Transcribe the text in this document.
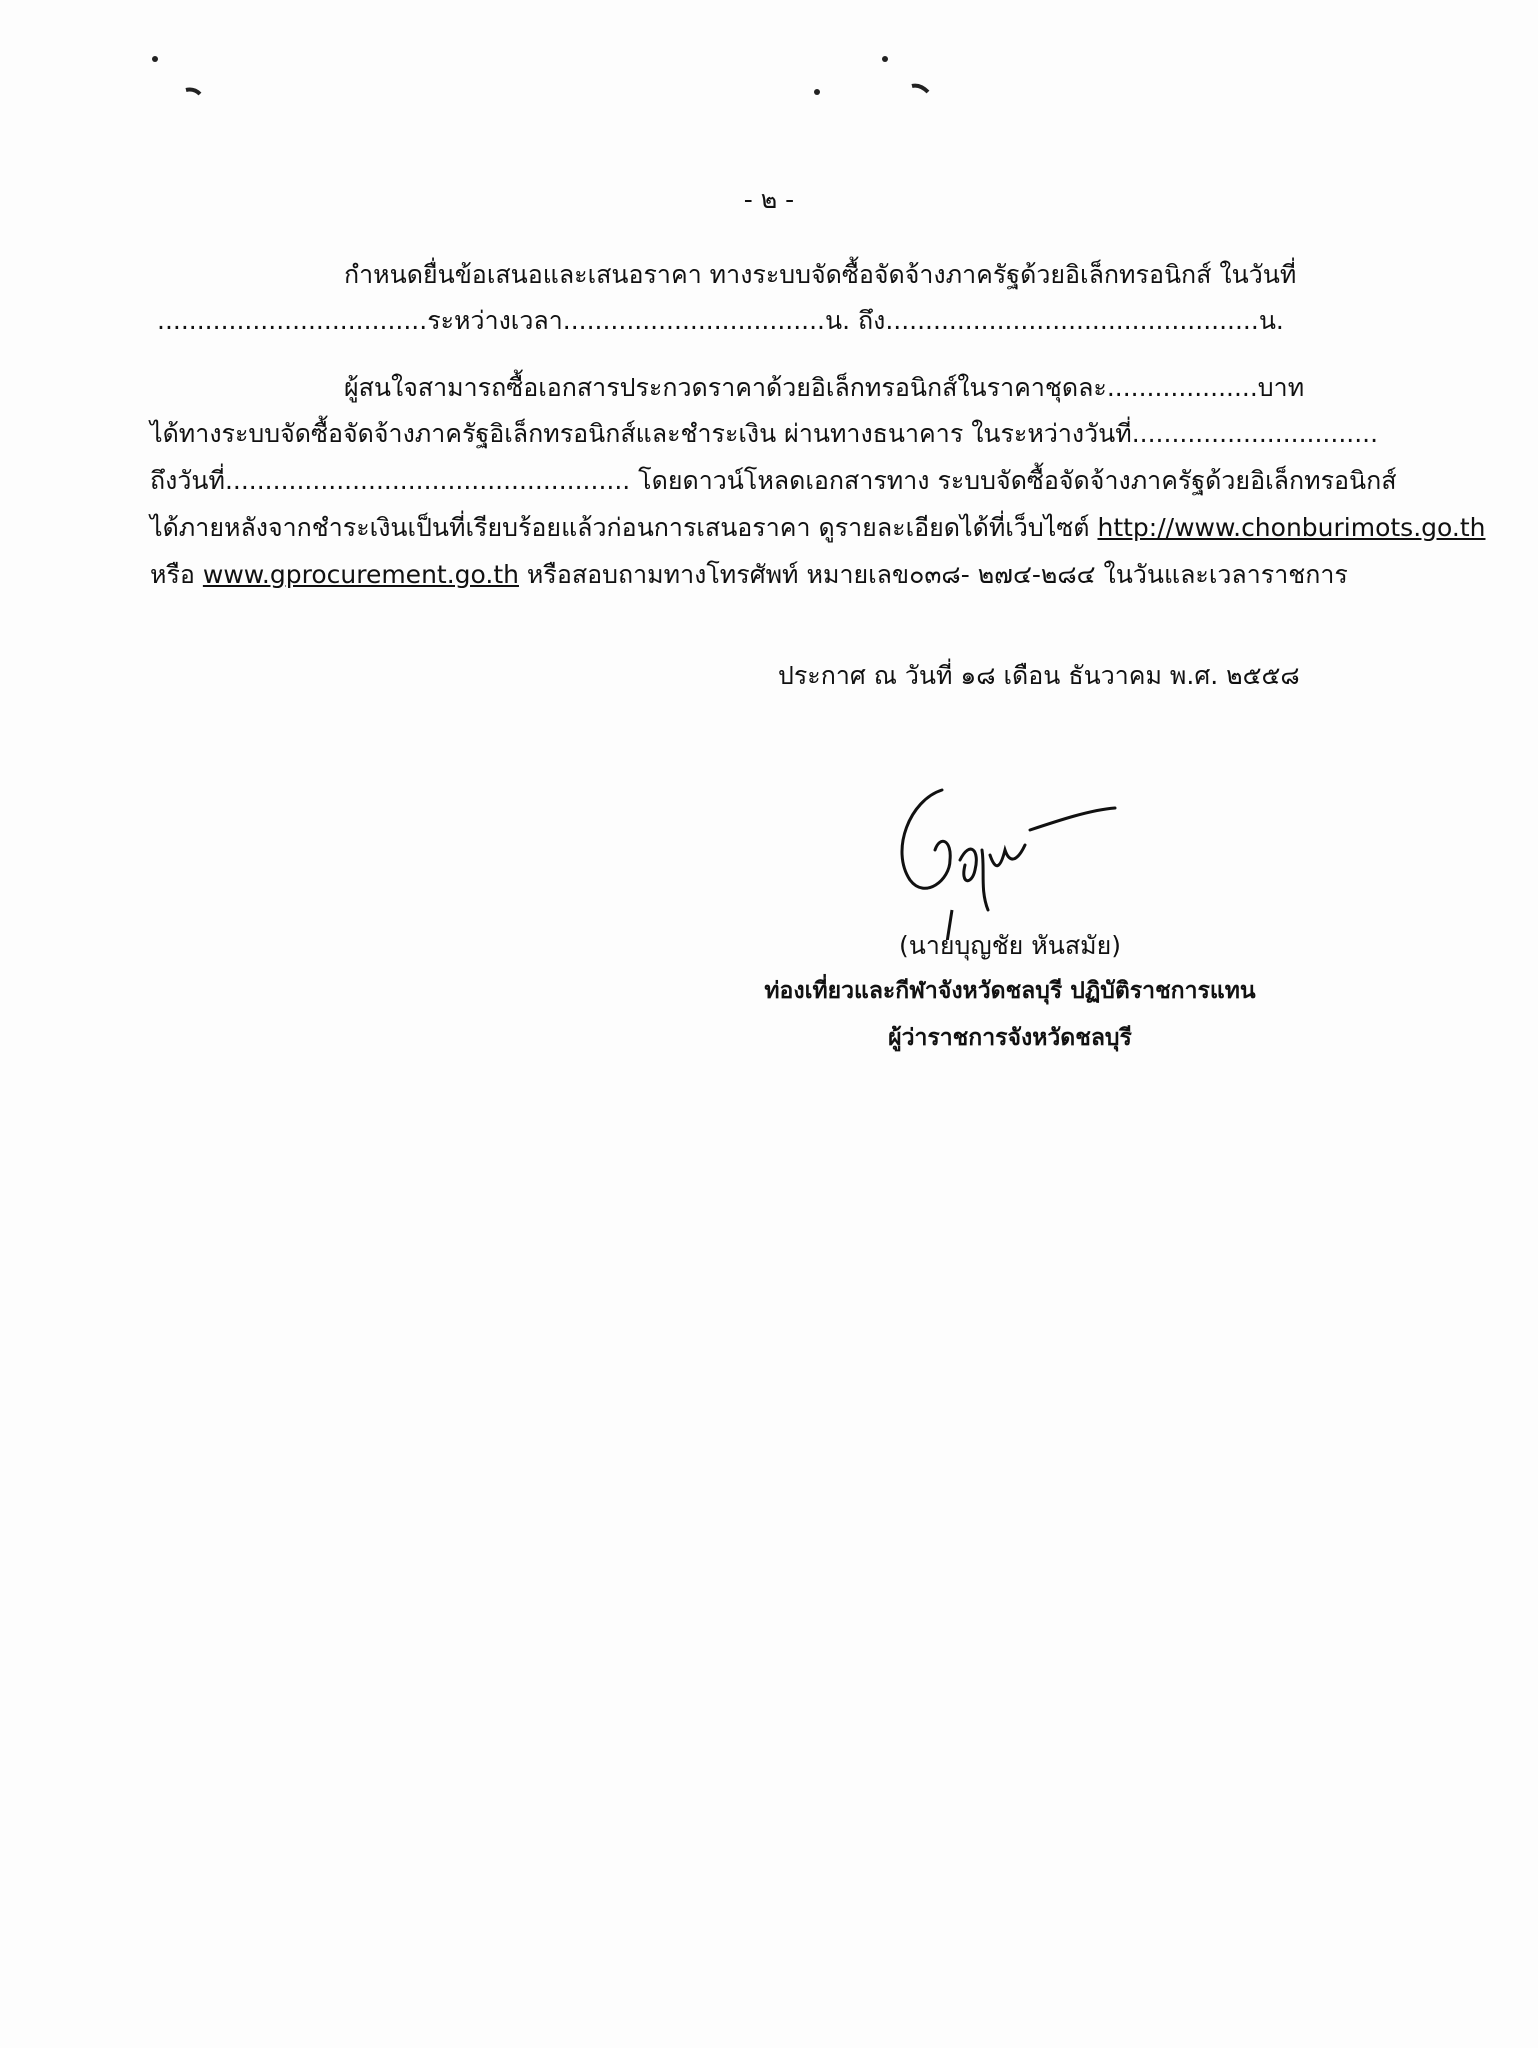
- ๒ -
กำหนดยื่นข้อเสนอและเสนอราคา ทางระบบจัดซื้อจัดจ้างภาครัฐด้วยอิเล็กทรอนิกส์ ในวันที่
..................................ระหว่างเวลา.................................น. ถึง...............................................น.
ผู้สนใจสามารถซื้อเอกสารประกวดราคาด้วยอิเล็กทรอนิกส์ในราคาชุดละ...................บาท
ได้ทางระบบจัดซื้อจัดจ้างภาครัฐอิเล็กทรอนิกส์และชำระเงิน ผ่านทางธนาคาร ในระหว่างวันที่...............................
ถึงวันที่................................................... โดยดาวน์โหลดเอกสารทาง ระบบจัดซื้อจัดจ้างภาครัฐด้วยอิเล็กทรอนิกส์
ได้ภายหลังจากชำระเงินเป็นที่เรียบร้อยแล้วก่อนการเสนอราคา ดูรายละเอียดได้ที่เว็บไซต์ http://www.chonburimots.go.th
หรือ www.gprocurement.go.th หรือสอบถามทางโทรศัพท์ หมายเลข๐๓๘- ๒๗๔-๒๘๔ ในวันและเวลาราชการ
ประกาศ ณ วันที่ ๑๘ เดือน ธันวาคม พ.ศ. ๒๕๕๘
(นายบุญชัย หันสมัย)
ท่องเที่ยวและกีฬาจังหวัดชลบุรี ปฏิบัติราชการแทน
ผู้ว่าราชการจังหวัดชลบุรี
